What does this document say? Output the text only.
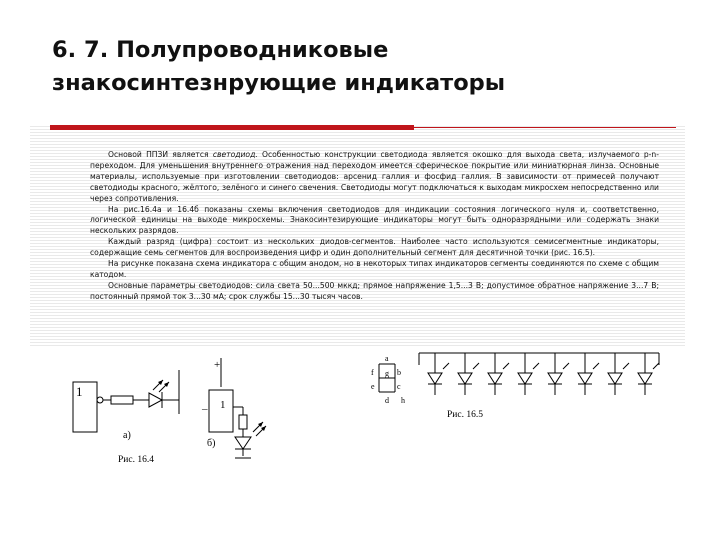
6. 7. Полупроводниковые
знакосинтезнрующие индикаторы

Основой ППЗИ является светодиод. Особенностью конструкции светодиода является окошко для выхода света, излучаемого p-n-переходом. Для уменьшения внутреннего отражения над переходом имеется сферическое покрытие или миниатюрная линза. Основные материалы, используемые при изготовлении светодиодов: арсенид галлия и фосфид галлия. В зависимости от примесей получают светодиоды красного, жёлтого, зелёного и синего свечения. Светодиоды могут подключаться к выходам микросхем непосредственно или через сопротивления.

На рис.16.4а и 16.4б показаны схемы включения светодиодов для индикации состояния логического нуля и, соответственно, логической единицы на выходе микросхемы. Знакосинтезирующие индикаторы могут быть одноразрядными или содержать знаки нескольких разрядов.

Каждый разряд (цифра) состоит из нескольких диодов-сегментов. Наиболее часто используются семисегментные индикаторы, содержащие семь сегментов для воспроизведения цифр и один дополнительный сегмент для десятичной точки (рис. 16.5).

На рисунке показана схема индикатора с общим анодом, но в некоторых типах индикаторов сегменты соединяются по схеме с общим катодом.

Основные параметры светодиодов: сила света 50...500 мккд; прямое напряжение 1,5...3 В; допустимое обратное напряжение 3...7 В; постоянный прямой ток 3...30 мА; срок службы 15...30 тысяч часов.

1
1
+
–
а)
б)
Рис. 16.4
a
f g b
e	c
d h
Рис. 16.5
